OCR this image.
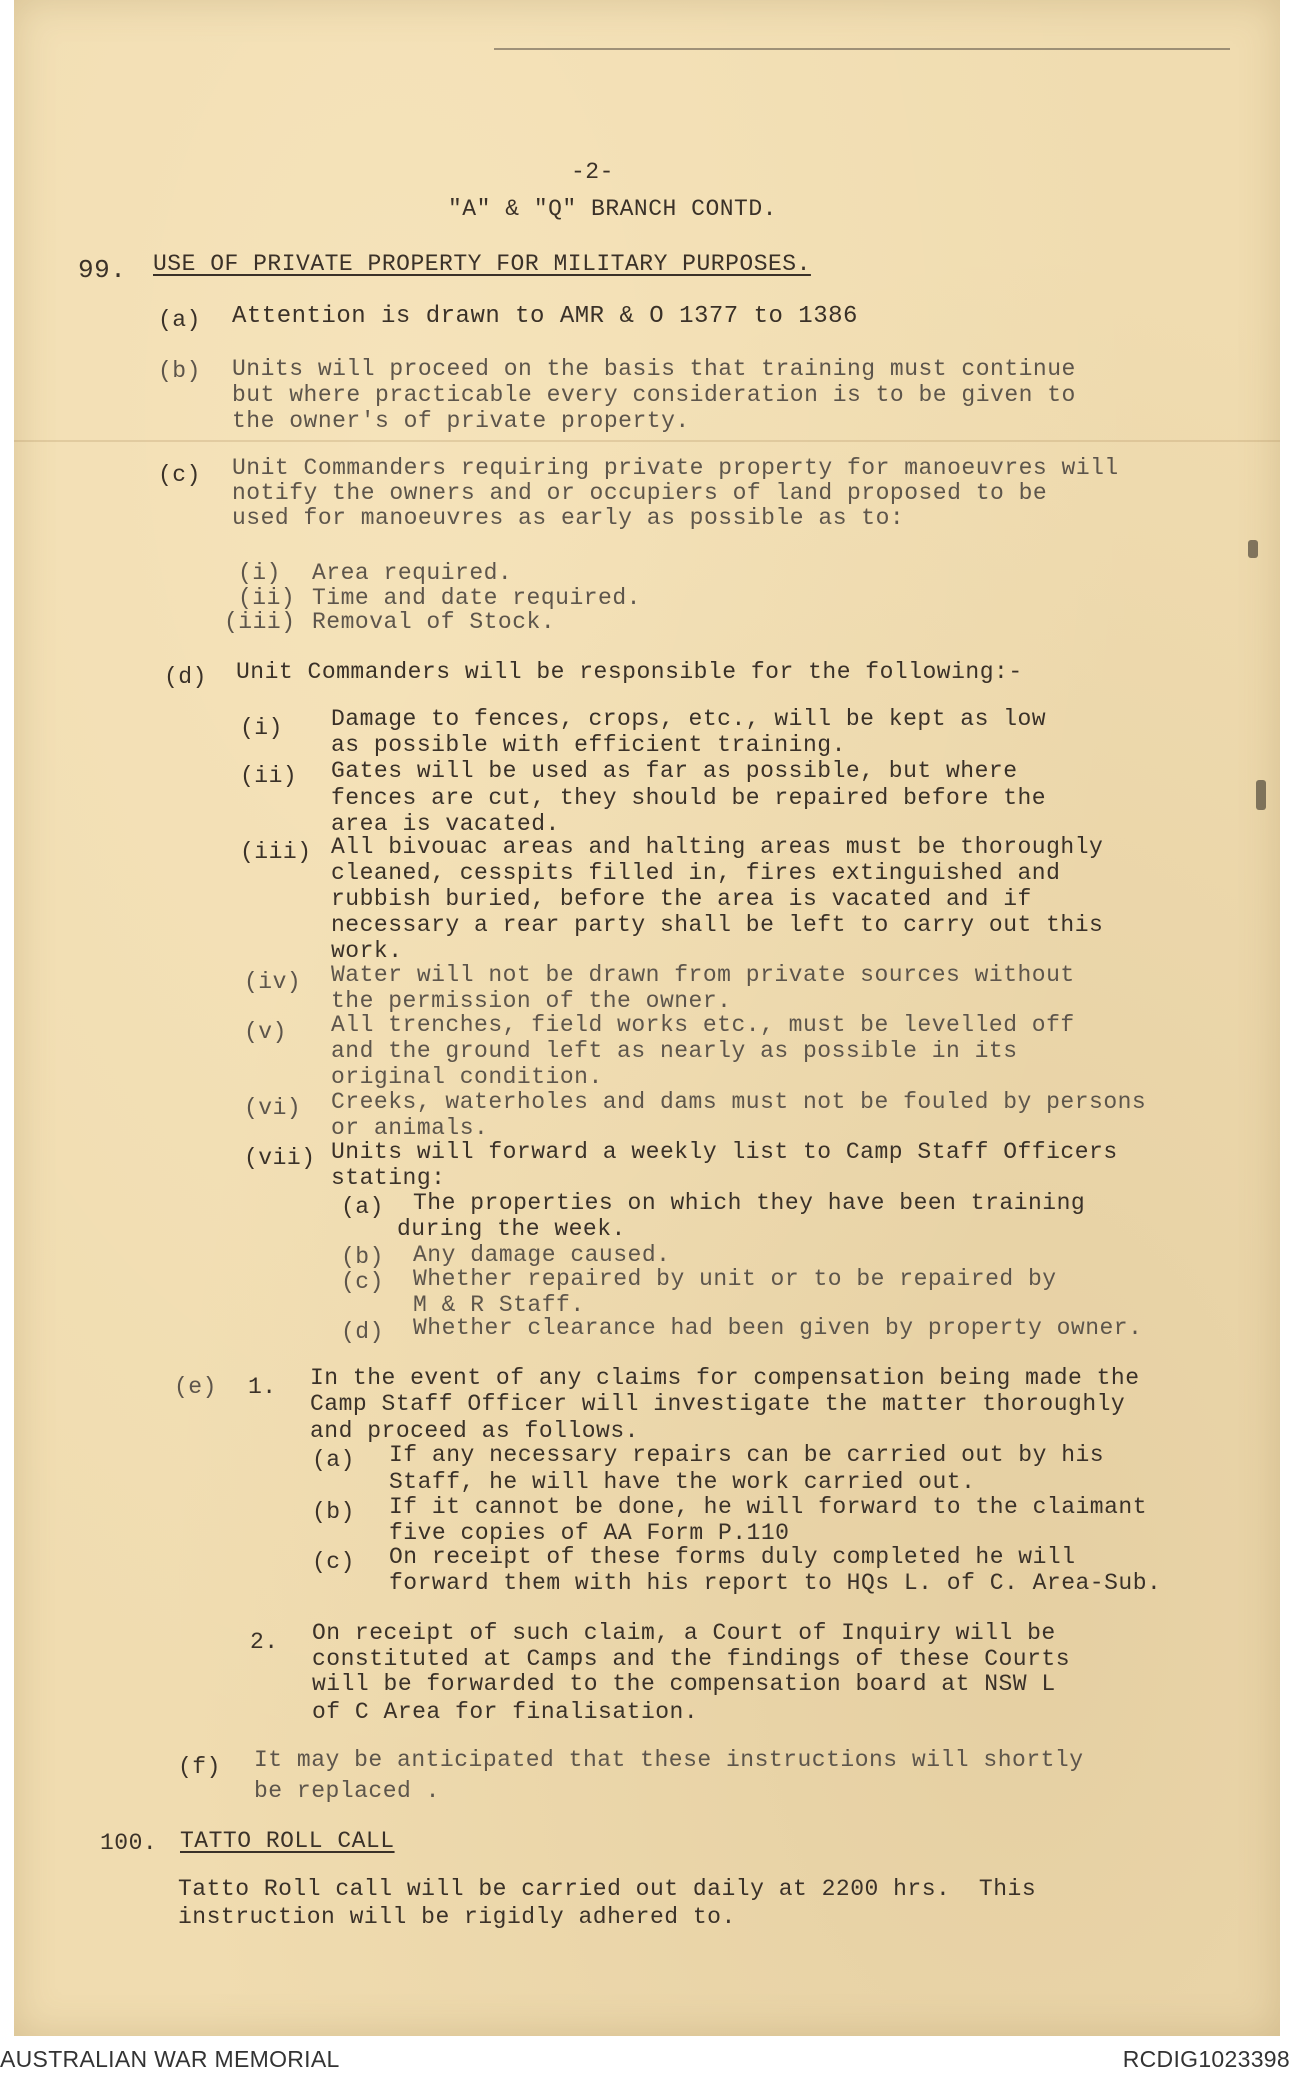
-2-
"A" & "Q" BRANCH CONTD.
99. USE OF PRIVATE PROPERTY FOR MILITARY PURPOSES.
(a) Attention is drawn to AMR & O 1377 to 1386
(b) Units will proceed on the basis that training must continue
but where practicable every consideration is to be given to
the owner's of private property.
(c) Unit Commanders requiring private property for manoeuvres will
notify the owners and or occupiers of land proposed to be
used for manoeuvres as early as possible as to:
(i) Area required.
(ii) Time and date required.
(iii) Removal of Stock.
(d) Unit Commanders will be responsible for the following:-
(i) Damage to fences, crops, etc., will be kept as low
as possible with efficient training.
(ii) Gates will be used as far as possible, but where
fences are cut, they should be repaired before the
area is vacated.
(iii) All bivouac areas and halting areas must be thoroughly
cleaned, cesspits filled in, fires extinguished and
rubbish buried, before the area is vacated and if
necessary a rear party shall be left to carry out this
work.
(iv) Water will not be drawn from private sources without
the permission of the owner.
(v) All trenches, field works etc., must be levelled off
and the ground left as nearly as possible in its
original condition.
(vi) Creeks, waterholes and dams must not be fouled by persons
or animals.
(vii) Units will forward a weekly list to Camp Staff Officers
stating:
(a) The properties on which they have been training
during the week.
(b) Any damage caused.
(c) Whether repaired by unit or to be repaired by
M & R Staff.
(d) Whether clearance had been given by property owner.
(e) 1. In the event of any claims for compensation being made the
Camp Staff Officer will investigate the matter thoroughly
and proceed as follows.
(a) If any necessary repairs can be carried out by his
Staff, he will have the work carried out.
(b) If it cannot be done, he will forward to the claimant
five copies of AA Form P.110
(c) On receipt of these forms duly completed he will
forward them with his report to HQs L. of C. Area-Sub.
2. On receipt of such claim, a Court of Inquiry will be
constituted at Camps and the findings of these Courts
will be forwarded to the compensation board at NSW L
of C Area for finalisation.
(f) It may be anticipated that these instructions will shortly
be replaced .
100. TATTO ROLL CALL
Tatto Roll call will be carried out daily at 2200 hrs.  This
instruction will be rigidly adhered to.
AUSTRALIAN WAR MEMORIAL	RCDIG1023398
